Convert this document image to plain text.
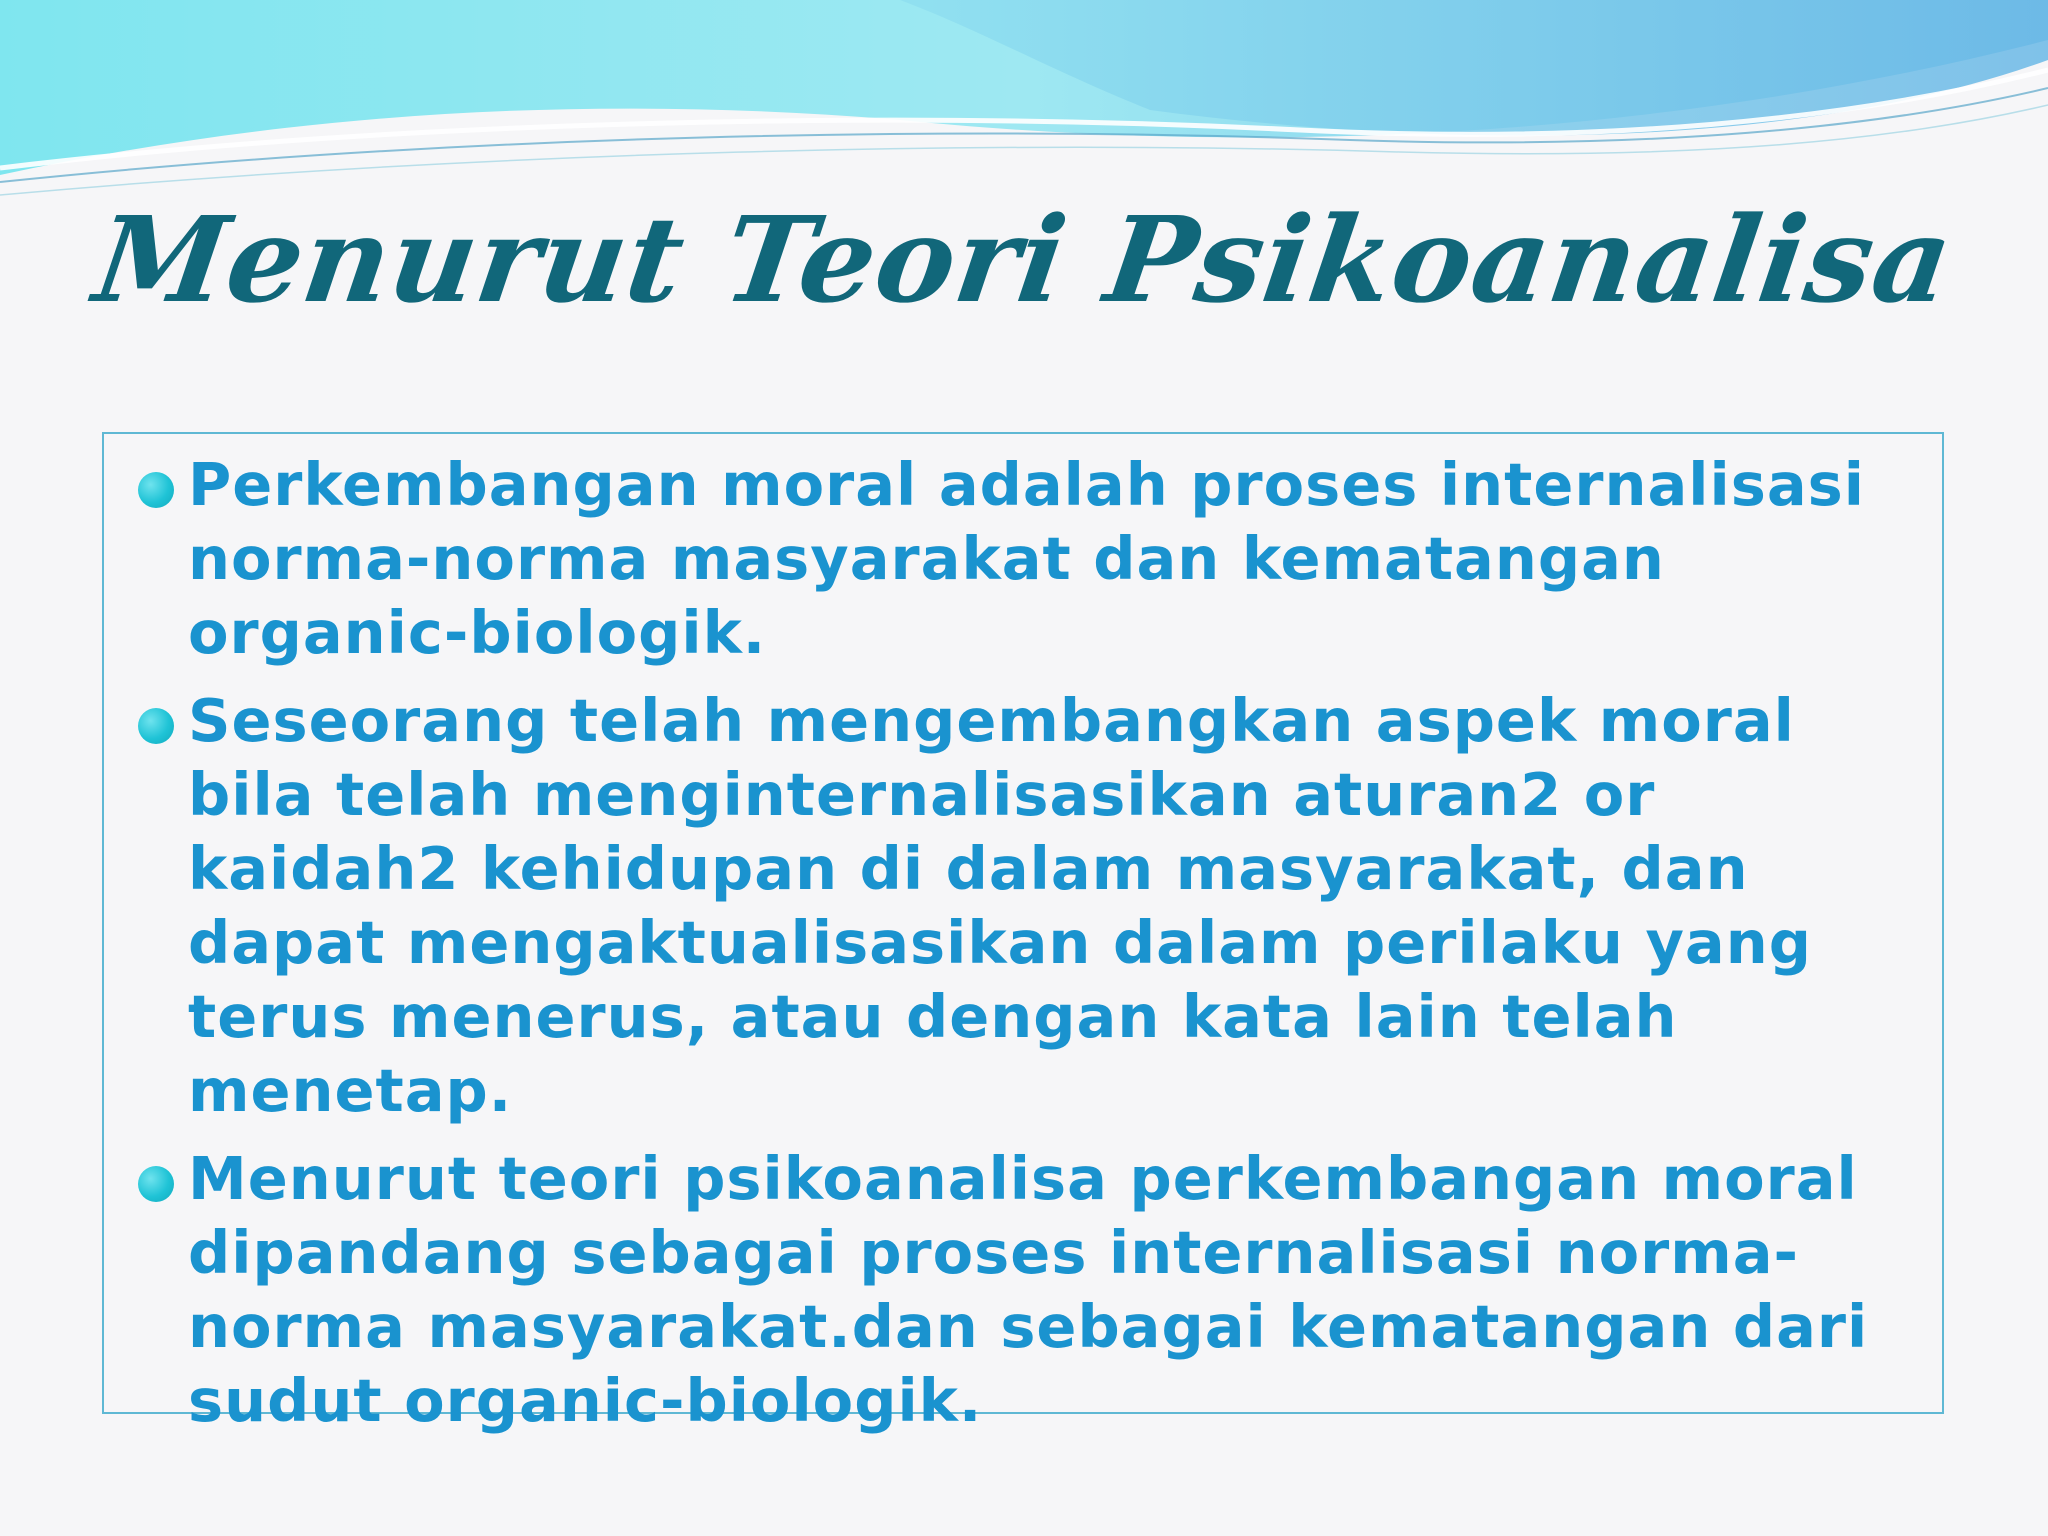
Menurut Teori Psikoanalisa
Perkembangan moral adalah proses internalisasi norma-norma masyarakat dan kematangan organic-biologik.
Seseorang telah mengembangkan aspek moral bila telah menginternalisasikan aturan2 or kaidah2 kehidupan di dalam masyarakat, dan dapat mengaktualisasikan dalam perilaku yang terus menerus, atau dengan kata lain telah menetap.
Menurut teori psikoanalisa perkembangan moral dipandang sebagai proses internalisasi norma-norma masyarakat.dan sebagai kematangan dari sudut organic-biologik.
